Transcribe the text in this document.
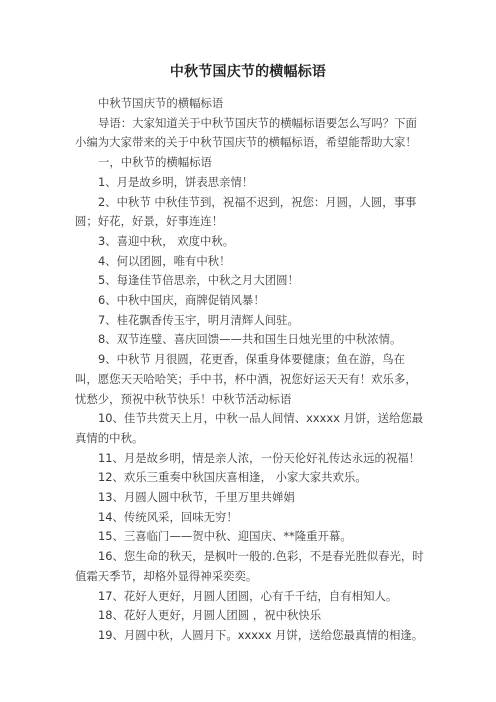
中秋节国庆节的横幅标语

中秋节国庆节的横幅标语

导语：大家知道关于中秋节国庆节的横幅标语要怎么写吗？下面小编为大家带来的关于中秋节国庆节的横幅标语，希望能帮助大家！

一，中秋节的横幅标语

1、月是故乡明，饼表思亲情！

2、中秋节 中秋佳节到，祝福不迟到，祝您：月圆，人圆，事事圆；好花，好景，好事连连！

3、喜迎中秋， 欢度中秋。

4、何以团圆，唯有中秋！

5、每逢佳节倍思亲，中秋之月大团圆！

6、中秋中国庆，商牌促销风暴！

7、桂花飘香传玉宇，明月清辉人间驻。

8、双节连璧、喜庆回馈——共和国生日烛光里的中秋浓情。

9、中秋节 月很圆，花更香，保重身体要健康；鱼在游，鸟在叫，愿您天天哈哈笑；手中书，杯中酒，祝您好运天天有！欢乐多，忧愁少，预祝中秋节快乐！中秋节活动标语

10、佳节共赏天上月，中秋一品人间情、xxxxx 月饼，送给您最真情的中秋。

11、月是故乡明，情是亲人浓，一份天伦好礼传达永远的祝福！

12、欢乐三重奏中秋国庆喜相逢， 小家大家共欢乐。

13、月圆人圆中秋节，千里万里共婵娟

14、传统风采，回味无穷！

15、三喜临门——贺中秋、迎国庆、**隆重开幕。

16、您生命的秋天，是枫叶一般的.色彩，不是春光胜似春光，时值霜天季节，却格外显得神采奕奕。

17、花好人更好，月圆人团圆，心有千千结，自有相知人。

18、花好人更好，月圆人团圆 ，祝中秋快乐

19、月圆中秋，人圆月下。xxxxx 月饼，送给您最真情的相逢。
